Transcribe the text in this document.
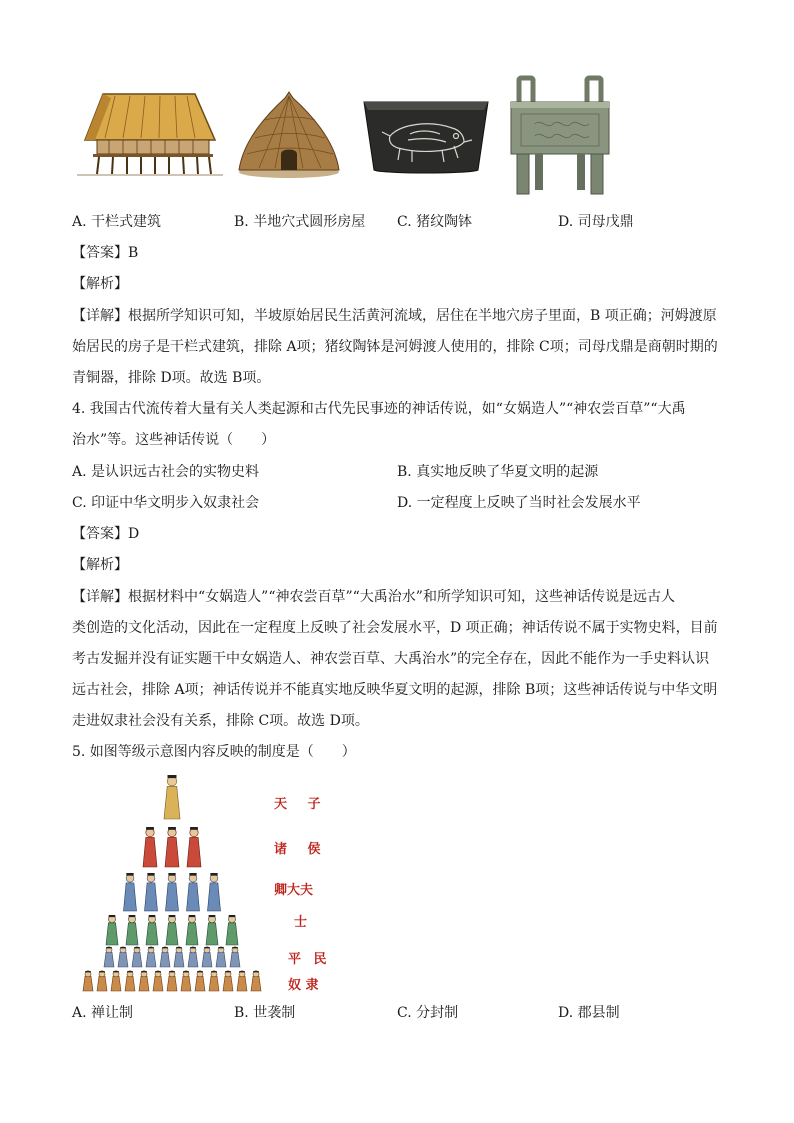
A. 干栏式建筑	B. 半地穴式圆形房屋 C. 猪纹陶钵	D. 司母戊鼎
【答案】B
【解析】
【详解】根据所学知识可知，半坡原始居民生活黄河流域，居住在半地穴房子里面，B 项正确；河姆渡原
始居民的房子是干栏式建筑，排除 A项；猪纹陶钵是河姆渡人使用的，排除 C项；司母戊鼎是商朝时期的
青铜器，排除 D项。故选 B项。
4. 我国古代流传着大量有关人类起源和古代先民事迹的神话传说，如“女娲造人”“神农尝百草”“大禹
治水”等。这些神话传说（　　）
A. 是认识远古社会的实物史料	B. 真实地反映了华夏文明的起源
C. 印证中华文明步入奴隶社会	D. 一定程度上反映了当时社会发展水平
【答案】D
【解析】
【详解】根据材料中“女娲造人”“神农尝百草”“大禹治水”和所学知识可知，这些神话传说是远古人
类创造的文化活动，因此在一定程度上反映了社会发展水平，D 项正确；神话传说不属于实物史料，目前
考古发掘并没有证实题干中女娲造人、神农尝百草、大禹治水”的完全存在，因此不能作为一手史料认识
远古社会，排除 A项；神话传说并不能真实地反映华夏文明的起源，排除 B项；这些神话传说与中华文明
走进奴隶社会没有关系，排除 C项。故选 D项。
5. 如图等级示意图内容反映的制度是（　　）
天 子
诸 侯
卿大夫
士
平 民
奴 隶
A. 禅让制	B. 世袭制	C. 分封制	D. 郡县制
